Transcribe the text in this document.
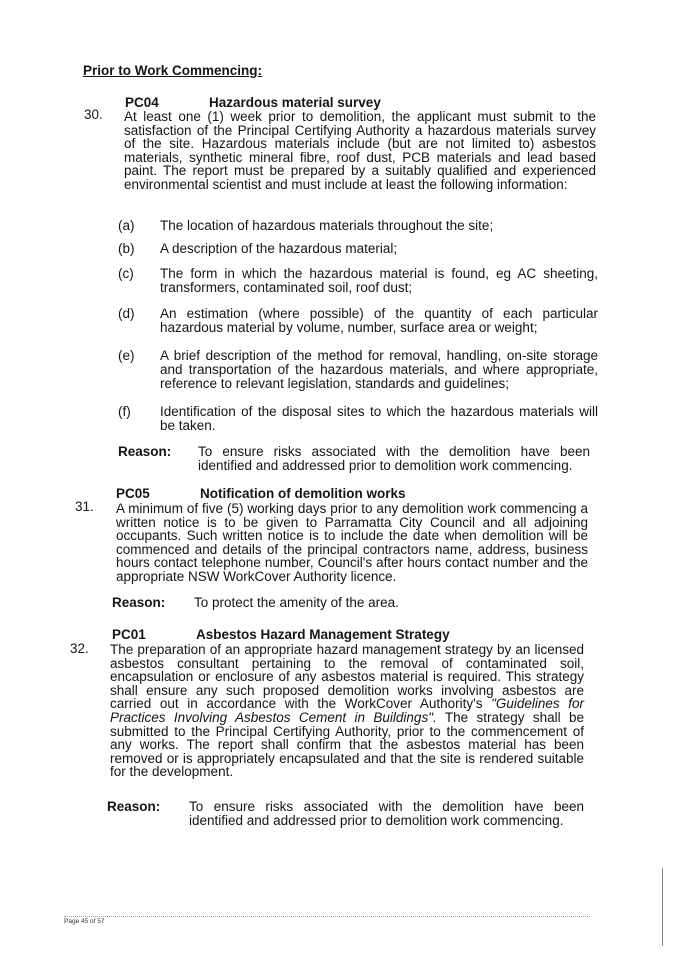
Prior to Work Commencing:
PC04	Hazardous material survey
30. At least one (1) week prior to demolition, the applicant must submit to the satisfaction of the Principal Certifying Authority a hazardous materials survey of the site. Hazardous materials include (but are not limited to) asbestos materials, synthetic mineral fibre, roof dust, PCB materials and lead based paint. The report must be prepared by a suitably qualified and experienced environmental scientist and must include at least the following information:
(a) The location of hazardous materials throughout the site;
(b) A description of the hazardous material;
(c) The form in which the hazardous material is found, eg AC sheeting, transformers, contaminated soil, roof dust;
(d) An estimation (where possible) of the quantity of each particular hazardous material by volume, number, surface area or weight;
(e) A brief description of the method for removal, handling, on-site storage and transportation of the hazardous materials, and where appropriate, reference to relevant legislation, standards and guidelines;
(f) Identification of the disposal sites to which the hazardous materials will be taken.
Reason: To ensure risks associated with the demolition have been identified and addressed prior to demolition work commencing.
PC05	Notification of demolition works
31. A minimum of five (5) working days prior to any demolition work commencing a written notice is to be given to Parramatta City Council and all adjoining occupants. Such written notice is to include the date when demolition will be commenced and details of the principal contractors name, address, business hours contact telephone number, Council's after hours contact number and the appropriate NSW WorkCover Authority licence.
Reason: To protect the amenity of the area.
PC01	Asbestos Hazard Management Strategy
32. The preparation of an appropriate hazard management strategy by an licensed asbestos consultant pertaining to the removal of contaminated soil, encapsulation or enclosure of any asbestos material is required. This strategy shall ensure any such proposed demolition works involving asbestos are carried out in accordance with the WorkCover Authority's "Guidelines for Practices Involving Asbestos Cement in Buildings". The strategy shall be submitted to the Principal Certifying Authority, prior to the commencement of any works. The report shall confirm that the asbestos material has been removed or is appropriately encapsulated and that the site is rendered suitable for the development.
Reason: To ensure risks associated with the demolition have been identified and addressed prior to demolition work commencing.
Page 45 of 57
